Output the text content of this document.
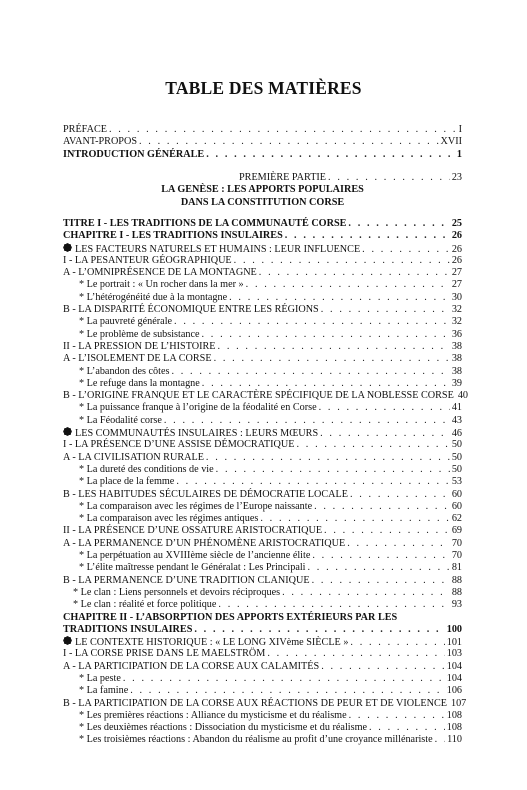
TABLE DES MATIÈRES
PRÉFACE . . .	I
AVANT-PROPOS . . .	XVII
INTRODUCTION GÉNÉRALE . . .	1
PREMIÈRE PARTIE . . .	23
LA GENÈSE : LES APPORTS POPULAIRES
DANS LA CONSTITUTION CORSE
TITRE I - LES TRADITIONS DE LA COMMUNAUTÉ CORSE . . .	25
CHAPITRE I - LES TRADITIONS INSULAIRES . . .	26
LES FACTEURS NATURELS ET HUMAINS : LEUR INFLUENCE . . .	26
I - LA PESANTEUR GÉOGRAPHIQUE . . .	26
A - L’OMNIPRÉSENCE DE LA MONTAGNE . . .	27
* Le portrait : « Un rocher dans la mer » . . .	27
* L’hétérogénéité due à la montagne . . .	30
B - LA DISPARITÉ ÉCONOMIQUE ENTRE LES RÉGIONS . . .	32
* La pauvreté générale . . .	32
* Le problème de subsistance . . .	36
II - LA PRESSION DE L’HISTOIRE . . .	38
A - L’ISOLEMENT DE LA CORSE . . .	38
* L’abandon des côtes . . .	38
* Le refuge dans la montagne . . .	39
B - L’ORIGINE FRANQUE ET LE CARACTÈRE SPÉCIFIQUE DE LA NOBLESSE CORSE 40
* La puissance franque à l’origine de la féodalité en Corse . . .	41
* La Féodalité corse . . .	43
LES COMMUNAUTÉS INSULAIRES : LEURS MŒURS . . .	46
I - LA PRÉSENCE D’UNE ASSISE DÉMOCRATIQUE . . .	50
A - LA CIVILISATION RURALE . . .	50
* La dureté des conditions de vie . . .	50
* La place de la femme . . .	53
B - LES HABITUDES SÉCULAIRES DE DÉMOCRATIE LOCALE . . .	60
* La comparaison avec les régimes de l’Europe naissante . . .	60
* La comparaison avec les régimes antiques . . .	62
II - LA PRÉSENCE D’UNE OSSATURE ARISTOCRATIQUE . . .	69
A - LA PERMANENCE D’UN PHÉNOMÈNE ARISTOCRATIQUE . . .	70
* La perpétuation au XVIIIème siècle de l’ancienne élite . . .	70
* L’élite maîtresse pendant le Généralat : Les Principali . . .	81
B - LA PERMANENCE D’UNE TRADITION CLANIQUE . . .	88
* Le clan : Liens personnels et devoirs réciproques . . .	88
* Le clan : réalité et force politique . . .	93
CHAPITRE II - L’ABSORPTION DES APPORTS EXTÉRIEURS PAR LES
TRADITIONS INSULAIRES . . .	100
LE CONTEXTE HISTORIQUE : « LE LONG XIVème SIÈCLE » . . .	101
I - LA CORSE PRISE DANS LE MAELSTRÖM . . .	103
A - LA PARTICIPATION DE LA CORSE AUX CALAMITÉS . . .	104
* La peste . . .	104
* La famine . . .	106
B - LA PARTICIPATION DE LA CORSE AUX RÉACTIONS DE PEUR ET DE VIOLENCE 107
* Les premières réactions : Alliance du mysticisme et du réalisme . . .	108
* Les deuxièmes réactions : Dissociation du mysticisme et du réalisme . . .	108
* Les troisièmes réactions : Abandon du réalisme au profit d’une croyance millénariste . . . 110
